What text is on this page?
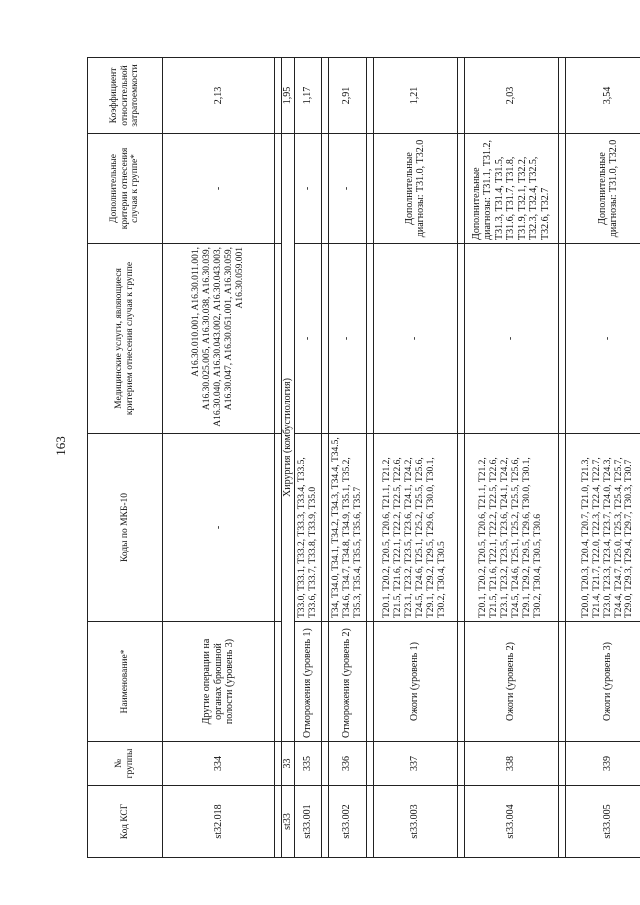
163
Код КСГ	№ группы	Наименование*	Коды по МКБ-10	Медицинские услуги, являющиеся критерием отнесения случая к группе	Дополнительные критерии отнесения случая к группе*	Коэффициент относительной затратоемкости
st32.018	334	Другие операции на органах брюшной полости (уровень 3)	-	А16.30.010.001, А16.30.011.001, А16.30.025.005, А16.30.038, А16.30.039, А16.30.040, А16.30.043.002, А16.30.043.003, А16.30.047, А16.30.051.001, А16.30.059, А16.30.059.001	-	2,13

st33	33	Хирургия (комбустиология)				1,95
st33.001	335	Отморожения (уровень 1)	Т33.0, Т33.1, Т33.2, Т33.3, Т33.4, Т33.5, Т33.6, Т33.7, Т33.8, Т33.9, Т35.0	-	-	1,17

st33.002	336	Отморожения (уровень 2)	Т34, Т34.0, Т34.1, Т34.2, Т34.3, Т34.4, Т34.5, Т34.6, Т34.7, Т34.8, Т34.9, Т35.1, Т35.2, Т35.3, Т35.4, Т35.5, Т35.6, Т35.7	-	-	2,91

st33.003	337	Ожоги (уровень 1)	Т20.1, Т20.2, Т20.5, Т20.6, Т21.1, Т21.2, Т21.5, Т21.6, Т22.1, Т22.2, Т22.5, Т22.6, Т23.1, Т23.2, Т23.5, Т23.6, Т24.1, Т24.2, Т24.5, Т24.6, Т25.1, Т25.2, Т25.5, Т25.6, Т29.1, Т29.2, Т29.5, Т29.6, Т30.0, Т30.1, Т30.2, Т30.4, Т30.5	-	Дополнительные диагнозы: Т31.0, Т32.0	1,21

st33.004	338	Ожоги (уровень 2)	Т20.1, Т20.2, Т20.5, Т20.6, Т21.1, Т21.2, Т21.5, Т21.6, Т22.1, Т22.2, Т22.5, Т22.6, Т23.1, Т23.2, Т23.5, Т23.6, Т24.1, Т24.2, Т24.5, Т24.6, Т25.1, Т25.2, Т25.5, Т25.6, Т29.1, Т29.2, Т29.5, Т29.6, Т30.0, Т30.1, Т30.2, Т30.4, Т30.5, Т30.6	-	Дополнительные диагнозы: Т31.1, Т31.2, Т31.3, Т31.4, Т31.5, Т31.6, Т31.7, Т31.8, Т31.9, Т32.1, Т32.2, Т32.3, Т32.4, Т32.5, Т32.6, Т32.7	2,03

st33.005	339	Ожоги (уровень 3)	Т20.0, Т20.3, Т20.4, Т20.7, Т21.0, Т21.3, Т21.4, Т21.7, Т22.0, Т22.3, Т22.4, Т22.7, Т23.0, Т23.3, Т23.4, Т23.7, Т24.0, Т24.3, Т24.4, Т24.7, Т25.0, Т25.3, Т25.4, Т25.7, Т29.0, Т29.3, Т29.4, Т29.7, Т30.3, Т30.7	-	Дополнительные диагнозы: Т31.0, Т32.0	3,54
